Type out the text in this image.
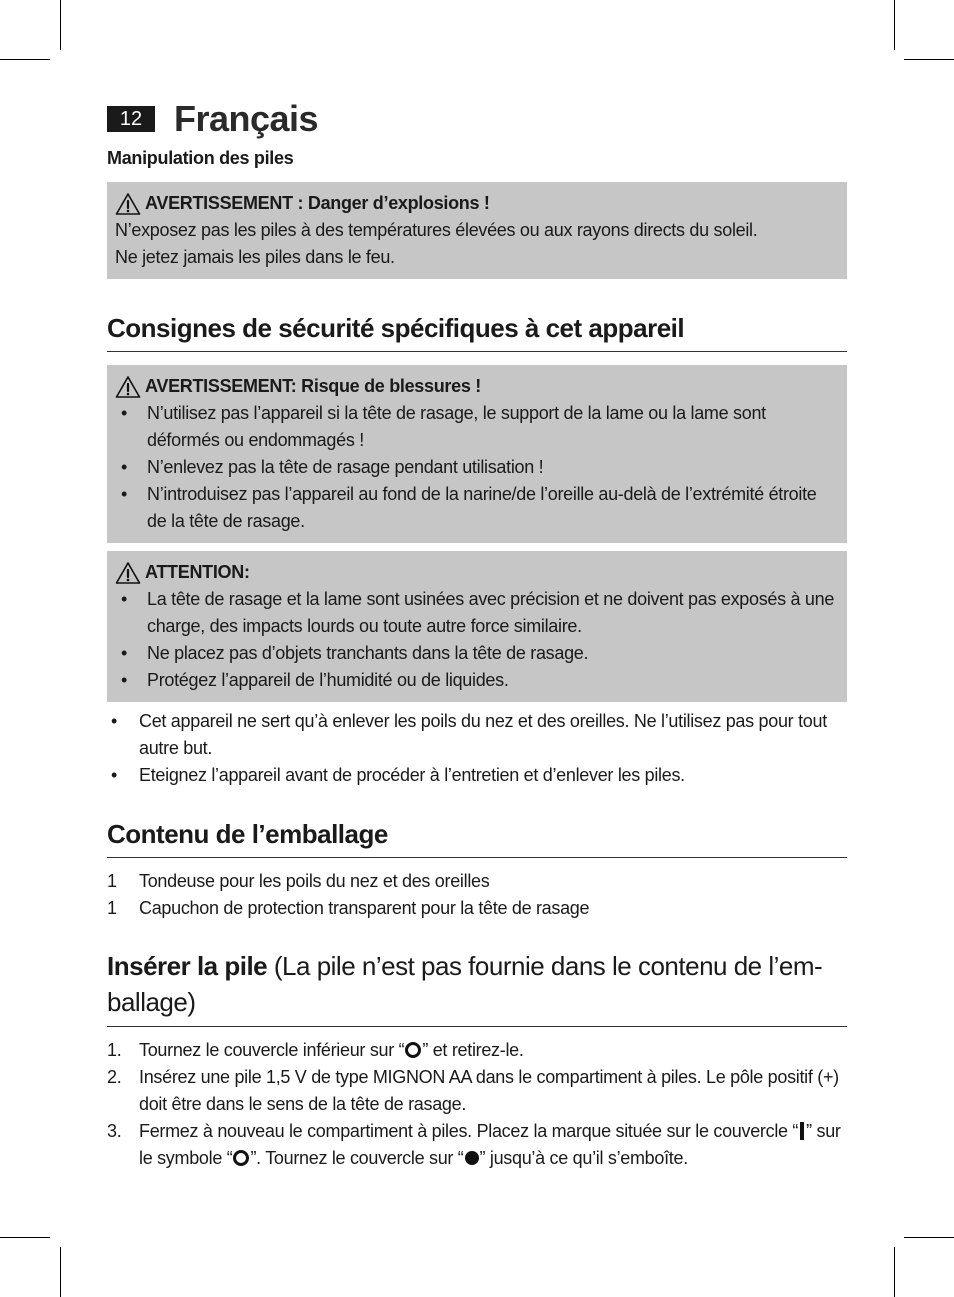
12 Français
Manipulation des piles
AVERTISSEMENT : Danger d’explosions !
N’exposez pas les piles à des températures élevées ou aux rayons directs du soleil.
Ne jetez jamais les piles dans le feu.
Consignes de sécurité spécifiques à cet appareil
AVERTISSEMENT: Risque de blessures !
• N’utilisez pas l’appareil si la tête de rasage, le support de la lame ou la lame sont déformés ou endommagés !
• N’enlevez pas la tête de rasage pendant utilisation !
• N’introduisez pas l’appareil au fond de la narine/de l’oreille au-delà de l’extrémité étroite de la tête de rasage.
ATTENTION:
• La tête de rasage et la lame sont usinées avec précision et ne doivent pas exposés à une charge, des impacts lourds ou toute autre force similaire.
• Ne placez pas d’objets tranchants dans la tête de rasage.
• Protégez l’appareil de l’humidité ou de liquides.
• Cet appareil ne sert qu’à enlever les poils du nez et des oreilles. Ne l’utilisez pas pour tout autre but.
• Eteignez l’appareil avant de procéder à l’entretien et d’enlever les piles.
Contenu de l’emballage
1 Tondeuse pour les poils du nez et des oreilles
1 Capuchon de protection transparent pour la tête de rasage
Insérer la pile (La pile n’est pas fournie dans le contenu de l’em-ballage)
1. Tournez le couvercle inférieur sur “ ” et retirez-le.
2. Insérez une pile 1,5 V de type MIGNON AA dans le compartiment à piles. Le pôle positif (+) doit être dans le sens de la tête de rasage.
3. Fermez à nouveau le compartiment à piles. Placez la marque située sur le couvercle “ ” sur le symbole “ ”. Tournez le couvercle sur “ ” jusqu’à ce qu’il s’emboîte.
